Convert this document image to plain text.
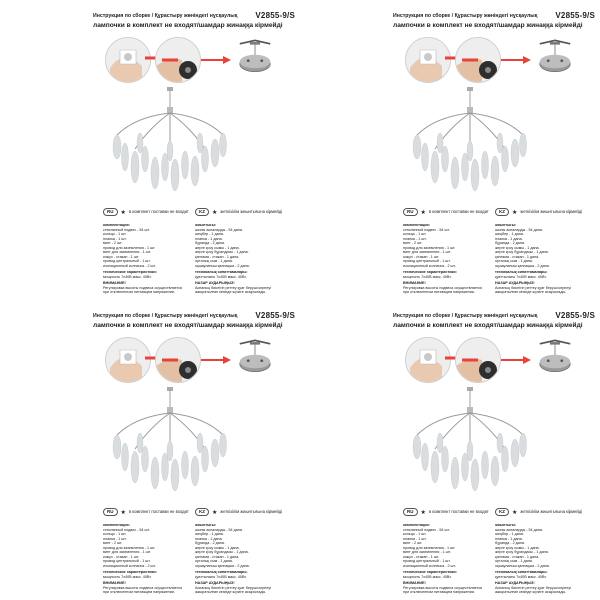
Инструкция по сборке / Құрастыру жөніндегі нұсқаулық	V2855-9/S
лампочки в комплект не входят/шамдар жинаққа кірмейді
RU ★ в комплект поставки не входит	KZ ★ жеткізілім жиынтығына кірмейді
комплектация:
стеклянный подвес - 54 шт.
кольцо - 1 шт.
планка - 1 шт.
винт - 2 шт.
провод для заземления - 1 шт.
винт для заземления - 1 шт.
кожух - стакан - 1 шт.
провод центральный - 1 шт.
изоляционный колпачок - 2 шт.
технические характеристики:
мощность 7x40В макс. 40Вт.
ВНИМАНИЕ!
Регулировка высоты подвеса осуществляется
при отключенном питающем напряжении.
жиынтығы:
шыны аспаларды - 54 дана.
шеңбер - 1 дана.
планка - 1 дана.
бұранда - 2 дана.
жерге қосу сымы - 1 дана.
жерге қосу бұрандасы - 1 дана.
қаптама - стакан - 1 дана.
орталық сым - 1 дана.
оқшаулағыш қалпақша - 2 дана.
техникалық сипаттамалары:
қуаттылығы 7x40В макс. 40Вт.
НАЗАР АУДАРЫҢЫЗ!
Аспаның биіктігін реттеу қуат беруші кернеуі
ажыратылған кезінде жүзеге асырылады.
Инструкция по сборке / Құрастыру жөніндегі нұсқаулық	V2855-9/S
лампочки в комплект не входят/шамдар жинаққа кірмейді
RU ★ в комплект поставки не входит	KZ ★ жеткізілім жиынтығына кірмейді
комплектация:
стеклянный подвес - 54 шт.
кольцо - 1 шт.
планка - 1 шт.
винт - 2 шт.
провод для заземления - 1 шт.
винт для заземления - 1 шт.
кожух - стакан - 1 шт.
провод центральный - 1 шт.
изоляционный колпачок - 2 шт.
технические характеристики:
мощность 7x40В макс. 40Вт.
ВНИМАНИЕ!
Регулировка высоты подвеса осуществляется
при отключенном питающем напряжении.
жиынтығы:
шыны аспаларды - 54 дана.
шеңбер - 1 дана.
планка - 1 дана.
бұранда - 2 дана.
жерге қосу сымы - 1 дана.
жерге қосу бұрандасы - 1 дана.
қаптама - стакан - 1 дана.
орталық сым - 1 дана.
оқшаулағыш қалпақша - 2 дана.
техникалық сипаттамалары:
қуаттылығы 7x40В макс. 40Вт.
НАЗАР АУДАРЫҢЫЗ!
Аспаның биіктігін реттеу қуат беруші кернеуі
ажыратылған кезінде жүзеге асырылады.
Инструкция по сборке / Құрастыру жөніндегі нұсқаулық	V2855-9/S
лампочки в комплект не входят/шамдар жинаққа кірмейді
RU ★ в комплект поставки не входит	KZ ★ жеткізілім жиынтығына кірмейді
комплектация:
стеклянный подвес - 54 шт.
кольцо - 1 шт.
планка - 1 шт.
винт - 2 шт.
провод для заземления - 1 шт.
винт для заземления - 1 шт.
кожух - стакан - 1 шт.
провод центральный - 1 шт.
изоляционный колпачок - 2 шт.
технические характеристики:
мощность 7x40В макс. 40Вт.
ВНИМАНИЕ!
Регулировка высоты подвеса осуществляется
при отключенном питающем напряжении.
жиынтығы:
шыны аспаларды - 54 дана.
шеңбер - 1 дана.
планка - 1 дана.
бұранда - 2 дана.
жерге қосу сымы - 1 дана.
жерге қосу бұрандасы - 1 дана.
қаптама - стакан - 1 дана.
орталық сым - 1 дана.
оқшаулағыш қалпақша - 2 дана.
техникалық сипаттамалары:
қуаттылығы 7x40В макс. 40Вт.
НАЗАР АУДАРЫҢЫЗ!
Аспаның биіктігін реттеу қуат беруші кернеуі
ажыратылған кезінде жүзеге асырылады.
Инструкция по сборке / Құрастыру жөніндегі нұсқаулық	V2855-9/S
лампочки в комплект не входят/шамдар жинаққа кірмейді
RU ★ в комплект поставки не входит	KZ ★ жеткізілім жиынтығына кірмейді
комплектация:
стеклянный подвес - 54 шт.
кольцо - 1 шт.
планка - 1 шт.
винт - 2 шт.
провод для заземления - 1 шт.
винт для заземления - 1 шт.
кожух - стакан - 1 шт.
провод центральный - 1 шт.
изоляционный колпачок - 2 шт.
технические характеристики:
мощность 7x40В макс. 40Вт.
ВНИМАНИЕ!
Регулировка высоты подвеса осуществляется
при отключенном питающем напряжении.
жиынтығы:
шыны аспаларды - 54 дана.
шеңбер - 1 дана.
планка - 1 дана.
бұранда - 2 дана.
жерге қосу сымы - 1 дана.
жерге қосу бұрандасы - 1 дана.
қаптама - стакан - 1 дана.
орталық сым - 1 дана.
оқшаулағыш қалпақша - 2 дана.
техникалық сипаттамалары:
қуаттылығы 7x40В макс. 40Вт.
НАЗАР АУДАРЫҢЫЗ!
Аспаның биіктігін реттеу қуат беруші кернеуі
ажыратылған кезінде жүзеге асырылады.
